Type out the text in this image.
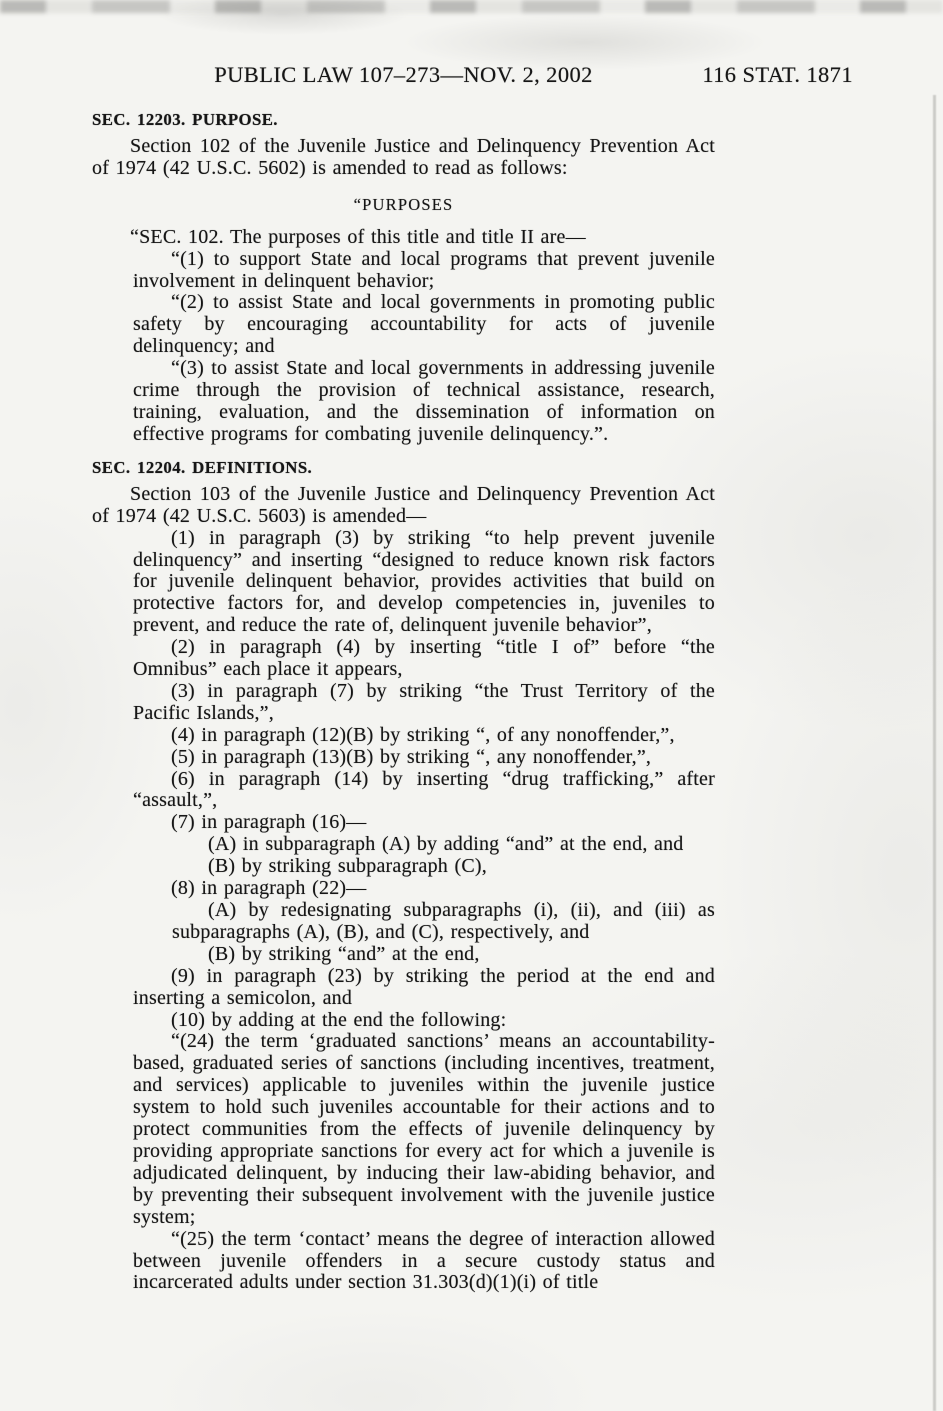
PUBLIC LAW 107–273—NOV. 2, 2002	116 STAT. 1871
SEC. 12203. PURPOSE.
Section 102 of the Juvenile Justice and Delinquency Prevention Act of 1974 (42 U.S.C. 5602) is amended to read as follows:
“PURPOSES
“SEC. 102. The purposes of this title and title II are—
“(1) to support State and local programs that prevent juvenile involvement in delinquent behavior;
“(2) to assist State and local governments in promoting public safety by encouraging accountability for acts of juvenile delinquency; and
“(3) to assist State and local governments in addressing juvenile crime through the provision of technical assistance, research, training, evaluation, and the dissemination of information on effective programs for combating juvenile delinquency.”.
SEC. 12204. DEFINITIONS.
Section 103 of the Juvenile Justice and Delinquency Prevention Act of 1974 (42 U.S.C. 5603) is amended—
(1) in paragraph (3) by striking “to help prevent juvenile delinquency” and inserting “designed to reduce known risk factors for juvenile delinquent behavior, provides activities that build on protective factors for, and develop competencies in, juveniles to prevent, and reduce the rate of, delinquent juvenile behavior”,
(2) in paragraph (4) by inserting “title I of” before “the Omnibus” each place it appears,
(3) in paragraph (7) by striking “the Trust Territory of the Pacific Islands,”,
(4) in paragraph (12)(B) by striking “, of any nonoffender,”,
(5) in paragraph (13)(B) by striking “, any nonoffender,”,
(6) in paragraph (14) by inserting “drug trafficking,” after “assault,”,
(7) in paragraph (16)—
(A) in subparagraph (A) by adding “and” at the end, and
(B) by striking subparagraph (C),
(8) in paragraph (22)—
(A) by redesignating subparagraphs (i), (ii), and (iii) as subparagraphs (A), (B), and (C), respectively, and
(B) by striking “and” at the end,
(9) in paragraph (23) by striking the period at the end and inserting a semicolon, and
(10) by adding at the end the following:
“(24) the term ‘graduated sanctions’ means an accountability-based, graduated series of sanctions (including incentives, treatment, and services) applicable to juveniles within the juvenile justice system to hold such juveniles accountable for their actions and to protect communities from the effects of juvenile delinquency by providing appropriate sanctions for every act for which a juvenile is adjudicated delinquent, by inducing their law-abiding behavior, and by preventing their subsequent involvement with the juvenile justice system;
“(25) the term ‘contact’ means the degree of interaction allowed between juvenile offenders in a secure custody status and incarcerated adults under section 31.303(d)(1)(i) of title
